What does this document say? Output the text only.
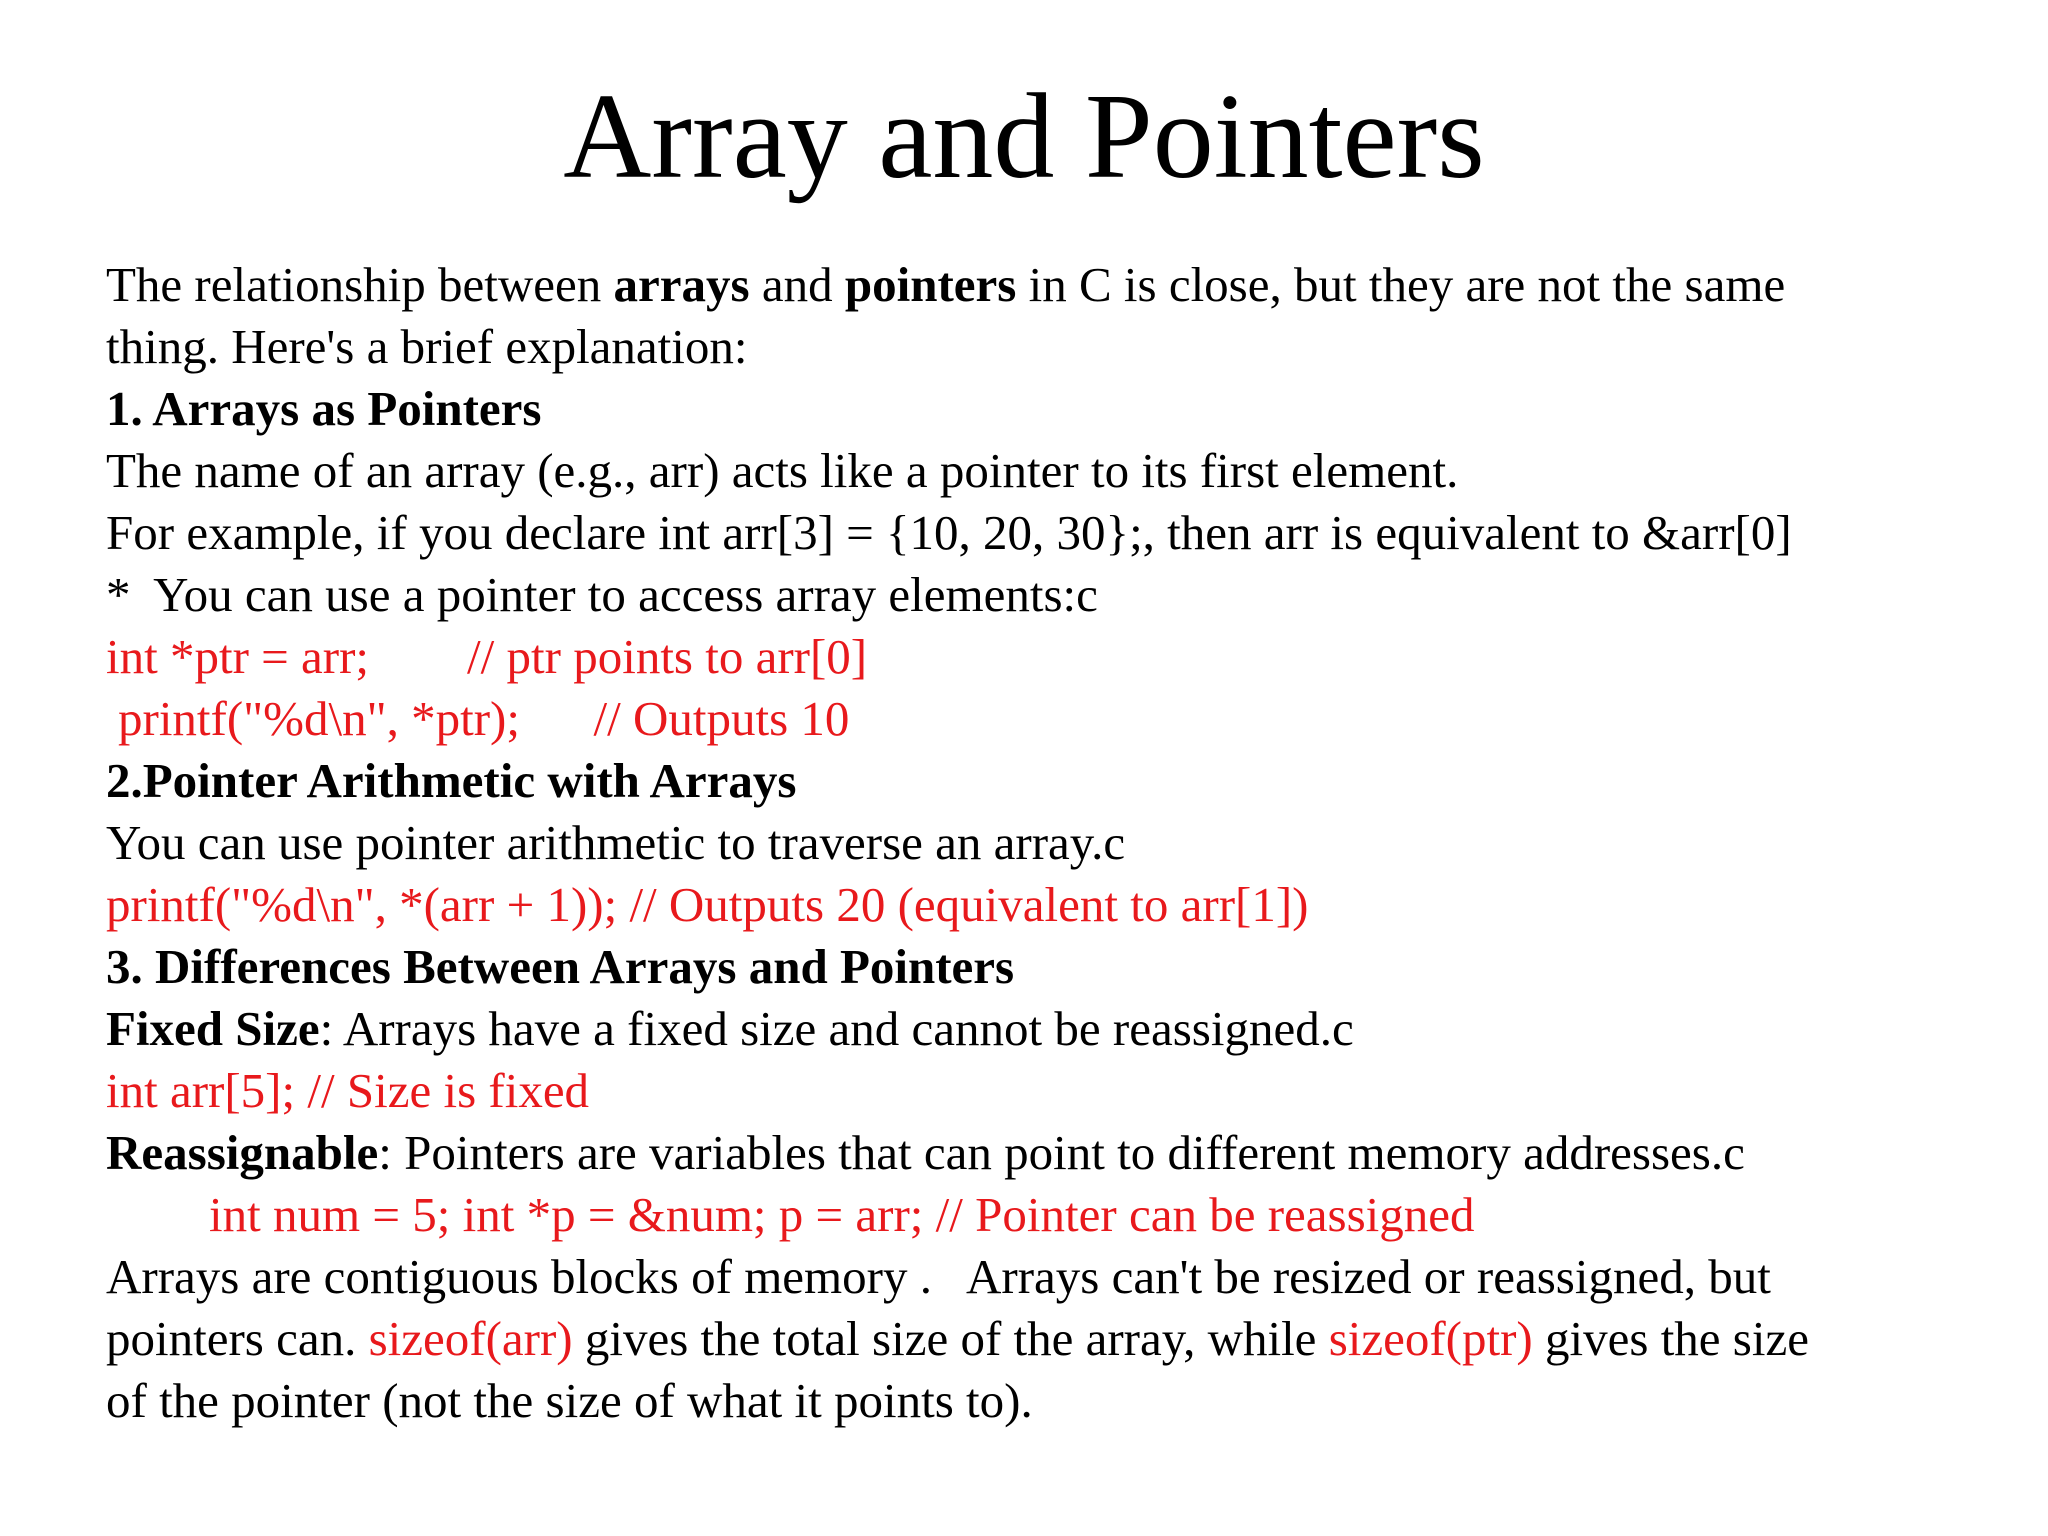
Array and Pointers
The relationship between arrays and pointers in C is close, but they are not the same
thing. Here's a brief explanation:
1. Arrays as Pointers
The name of an array (e.g., arr) acts like a pointer to its first element.
For example, if you declare int arr[3] = {10, 20, 30};, then arr is equivalent to &arr[0]
*  You can use a pointer to access array elements:c
int *ptr = arr;        // ptr points to arr[0]
printf("%d\n", *ptr);      // Outputs 10
2.Pointer Arithmetic with Arrays
You can use pointer arithmetic to traverse an array.c
printf("%d\n", *(arr + 1)); // Outputs 20 (equivalent to arr[1])
3. Differences Between Arrays and Pointers
Fixed Size: Arrays have a fixed size and cannot be reassigned.c
int arr[5]; // Size is fixed
Reassignable: Pointers are variables that can point to different memory addresses.c
int num = 5; int *p = &num; p = arr; // Pointer can be reassigned
Arrays are contiguous blocks of memory .   Arrays can't be resized or reassigned, but
pointers can. sizeof(arr) gives the total size of the array, while sizeof(ptr) gives the size
of the pointer (not the size of what it points to).
